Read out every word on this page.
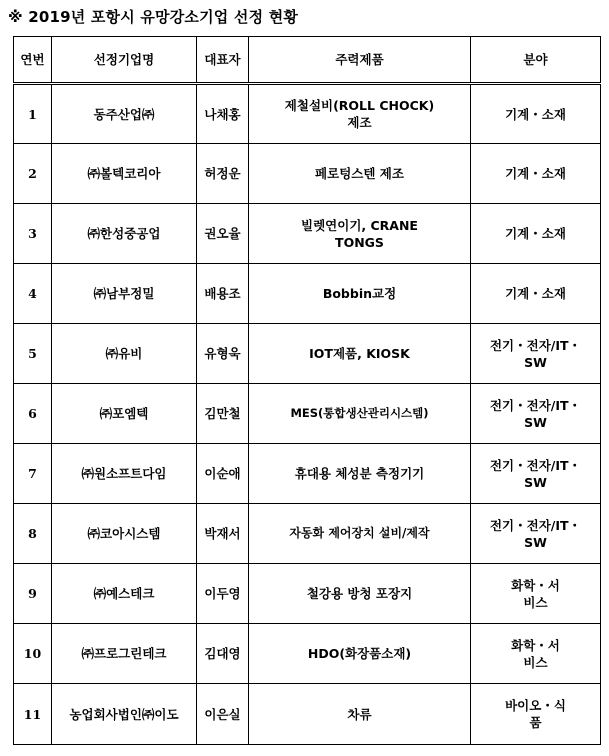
※ 2019년 포항시 유망강소기업 선정 현황
연번	선정기업명	대표자	주력제품	분야
1	동주산업㈜	나채홍	제철설비(ROLL CHOCK) 제조	기계・소재
2	㈜볼텍코리아	허정운	페로텅스텐 제조	기계・소재
3	㈜한성중공업	권오율	빌렛연이기, CRANE TONGS	기계・소재
4	㈜남부정밀	배용조	Bobbin교정	기계・소재
5	㈜유비	유형욱	IOT제품, KIOSK	전기・전자/IT・SW
6	㈜포엠텍	김만철	MES(통합생산관리시스템)	전기・전자/IT・SW
7	㈜원소프트다임	이순애	휴대용 체성분 측정기기	전기・전자/IT・SW
8	㈜코아시스템	박재서	자동화 제어장치 설비/제작	전기・전자/IT・SW
9	㈜예스테크	이두영	철강용 방청 포장지	화학・서비스
10	㈜프로그린테크	김대영	HDO(화장품소재)	화학・서비스
11	농업회사법인㈜이도	이은실	차류	바이오・식품
